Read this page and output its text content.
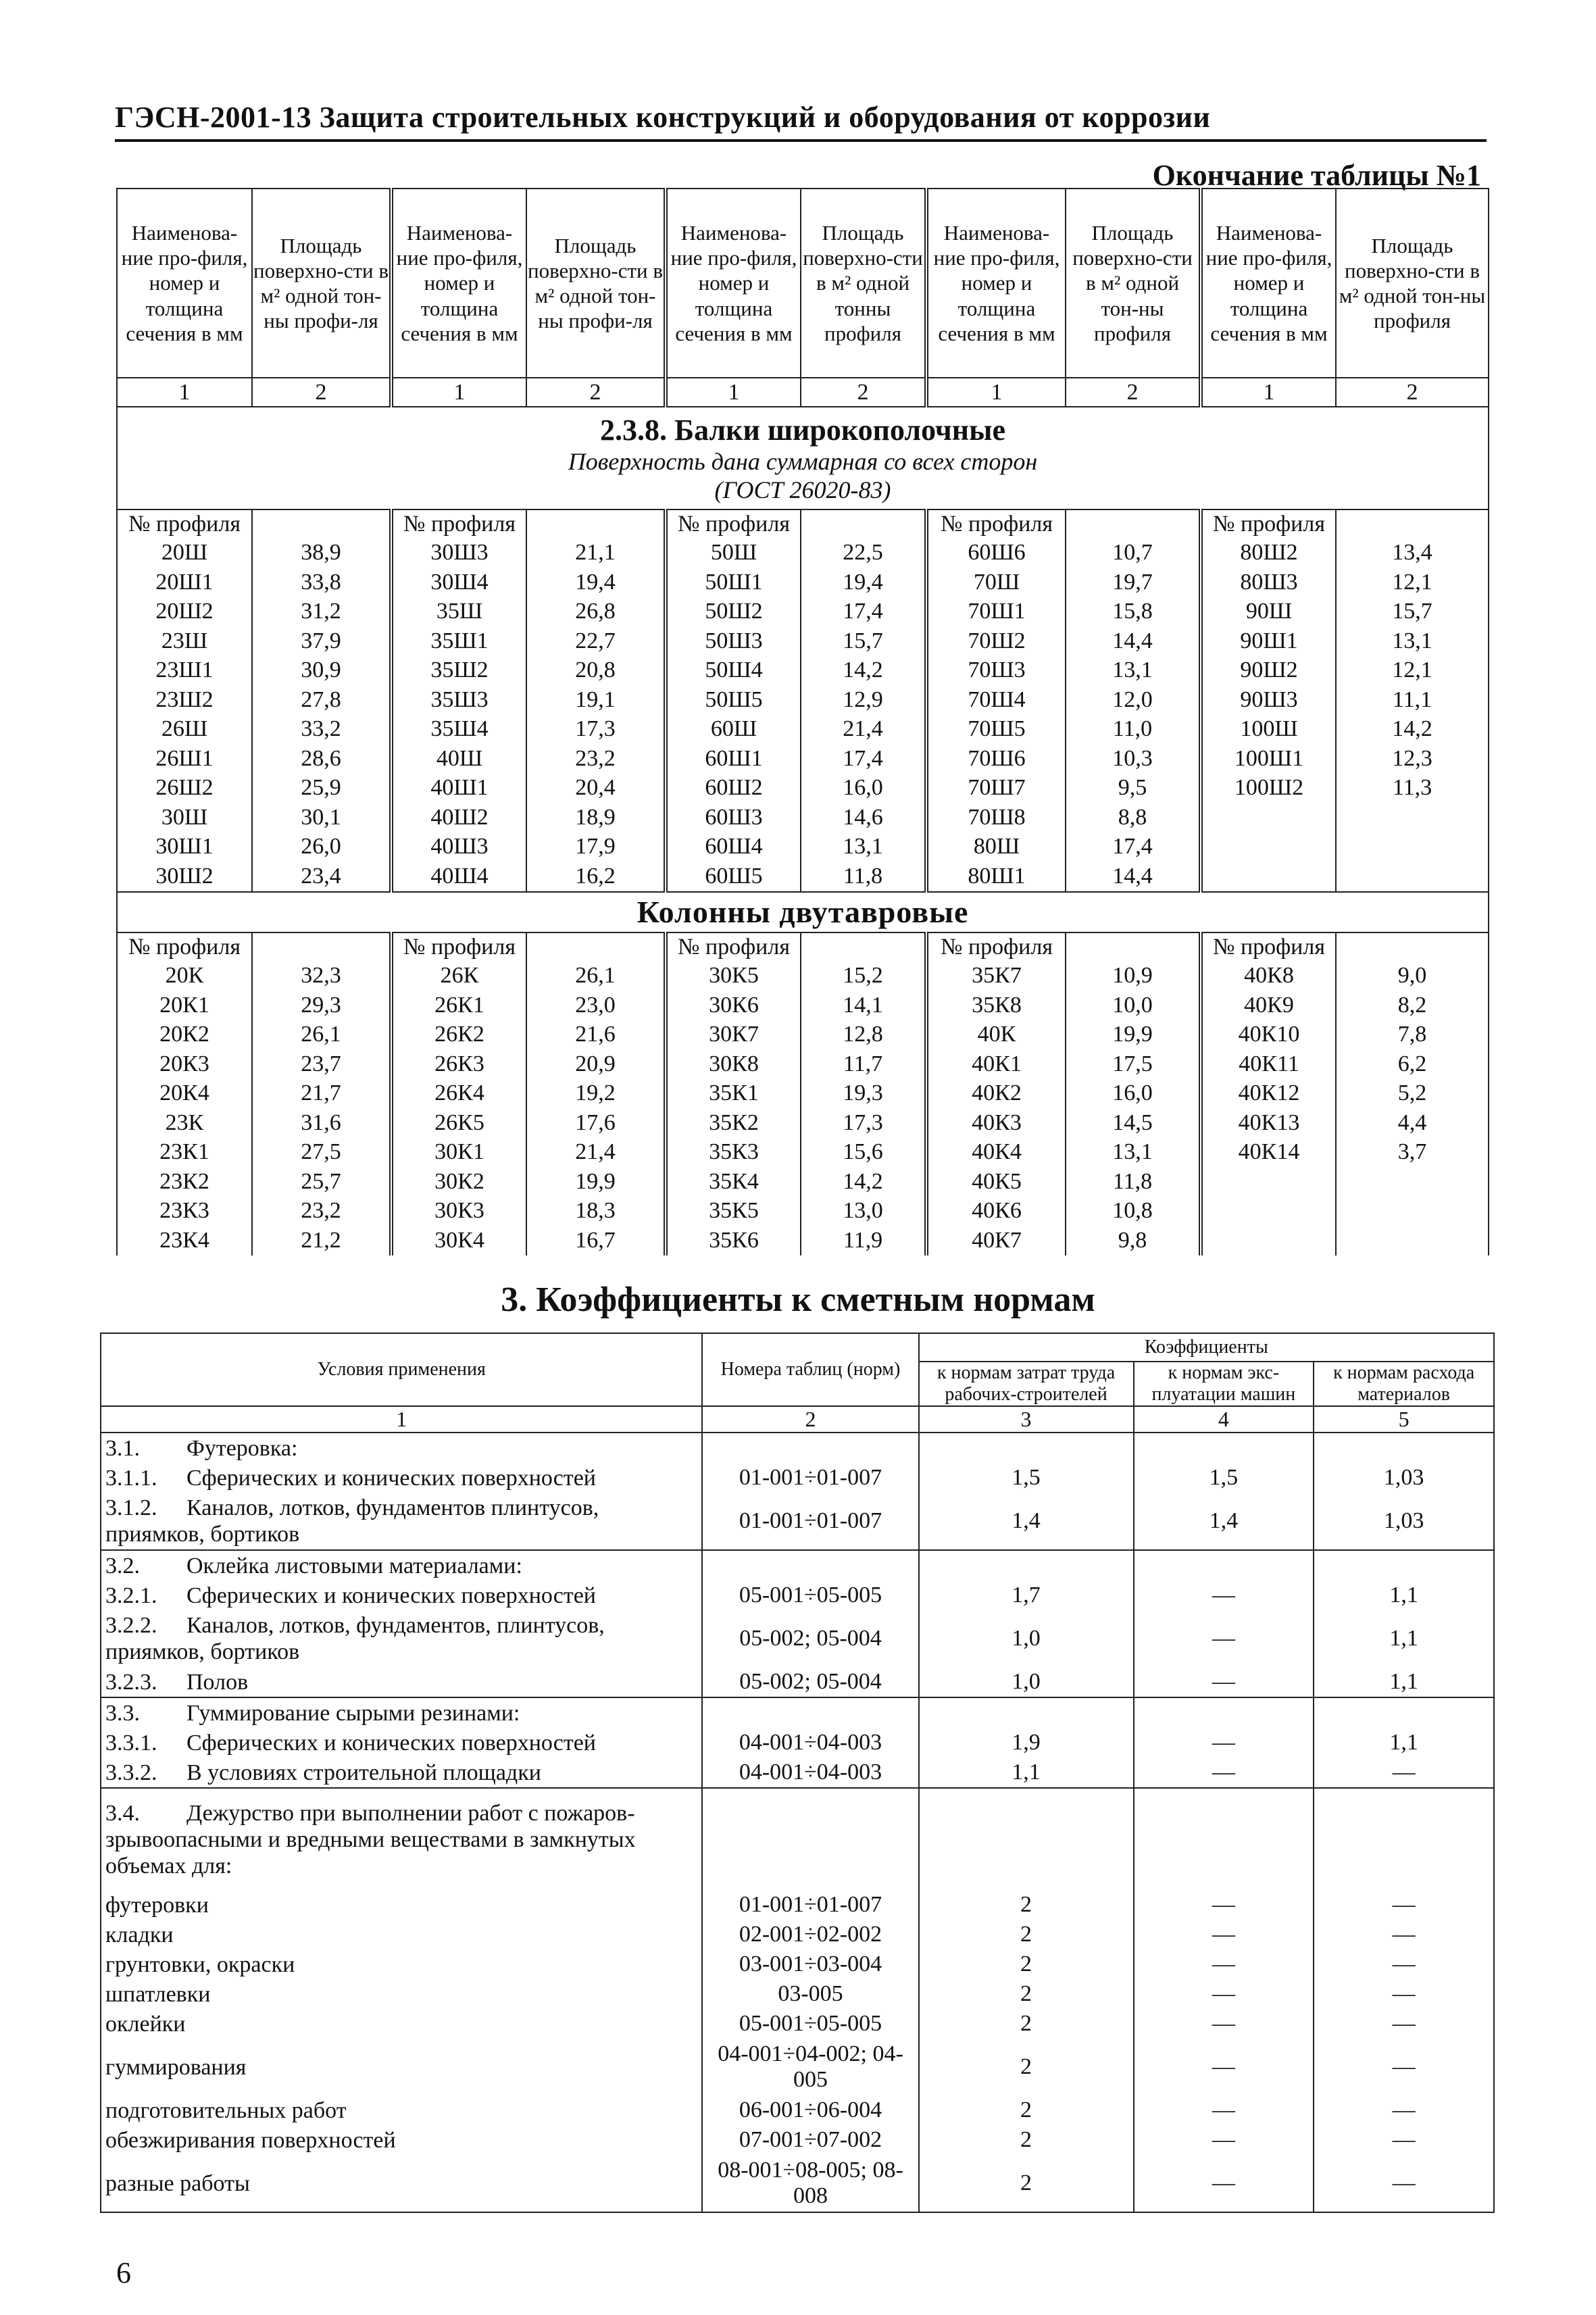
ГЭСН-2001-13 Защита строительных конструкций и оборудования от коррозии
Окончание таблицы №1
Наименова-ние про-филя, номер и толщина сечения в мм	Площадь поверхно-сти в м² одной тон-ны профи-ля	Наименова-ние про-филя, номер и толщина сечения в мм	Площадь поверхно-сти в м² одной тон-ны профи-ля	Наименова-ние про-филя, номер и толщина сечения в мм	Площадь поверхно-сти в м² одной тонны профиля	Наименова-ние про-филя, номер и толщина сечения в мм	Площадь поверхно-сти в м² одной тон-ны профиля	Наименова-ние про-филя, номер и толщина сечения в мм	Площадь поверхно-сти в м² одной тон-ны профиля
1	2	1	2	1	2	1	2	1	2

2.3.8. Балки широкополочные
Поверхность дана суммарная со всех сторон
(ГОСТ 26020-83)									

№ профиля		№ профиля		№ профиля		№ профиля		№ профиля	
20Ш	38,9	30Ш3	21,1	50Ш	22,5	60Ш6	10,7	80Ш2	13,4
20Ш1	33,8	30Ш4	19,4	50Ш1	19,4	70Ш	19,7	80Ш3	12,1
20Ш2	31,2	35Ш	26,8	50Ш2	17,4	70Ш1	15,8	90Ш	15,7
23Ш	37,9	35Ш1	22,7	50Ш3	15,7	70Ш2	14,4	90Ш1	13,1
23Ш1	30,9	35Ш2	20,8	50Ш4	14,2	70Ш3	13,1	90Ш2	12,1
23Ш2	27,8	35Ш3	19,1	50Ш5	12,9	70Ш4	12,0	90Ш3	11,1
26Ш	33,2	35Ш4	17,3	60Ш	21,4	70Ш5	11,0	100Ш	14,2
26Ш1	28,6	40Ш	23,2	60Ш1	17,4	70Ш6	10,3	100Ш1	12,3
26Ш2	25,9	40Ш1	20,4	60Ш2	16,0	70Ш7	9,5	100Ш2	11,3
30Ш	30,1	40Ш2	18,9	60Ш3	14,6	70Ш8	8,8		
30Ш1	26,0	40Ш3	17,9	60Ш4	13,1	80Ш	17,4		
30Ш2	23,4	40Ш4	16,2	60Ш5	11,8	80Ш1	14,4		

Колонны двутавровые									

№ профиля		№ профиля		№ профиля		№ профиля		№ профиля	
20К	32,3	26К	26,1	30К5	15,2	35К7	10,9	40К8	9,0
20К1	29,3	26К1	23,0	30К6	14,1	35К8	10,0	40К9	8,2
20К2	26,1	26К2	21,6	30К7	12,8	40К	19,9	40К10	7,8
20К3	23,7	26К3	20,9	30К8	11,7	40К1	17,5	40К11	6,2
20К4	21,7	26К4	19,2	35К1	19,3	40К2	16,0	40К12	5,2
23К	31,6	26К5	17,6	35К2	17,3	40К3	14,5	40К13	4,4
23К1	27,5	30К1	21,4	35К3	15,6	40К4	13,1	40К14	3,7
23К2	25,7	30К2	19,9	35К4	14,2	40К5	11,8		
23К3	23,2	30К3	18,3	35К5	13,0	40К6	10,8		
23К4	21,2	30К4	16,7	35К6	11,9	40К7	9,8		
3. Коэффициенты к сметным нормам
Условия применения	Номера таблиц (норм)	Коэффициенты		
		к нормам затрат труда рабочих-строителей	к нормам экс-плуатации машин	к нормам расхода материалов
1	2	3	4	5
3.1. Футеровка:				
3.1.1. Сферических и конических поверхностей	01-001÷01-007	1,5	1,5	1,03
3.1.2. Каналов, лотков, фундаментов плинтусов, приямков, бортиков	01-001÷01-007	1,4	1,4	1,03
3.2. Оклейка листовыми материалами:				
3.2.1. Сферических и конических поверхностей	05-001÷05-005	1,7	—	1,1
3.2.2. Каналов, лотков, фундаментов, плинтусов, приямков, бортиков	05-002; 05-004	1,0	—	1,1
3.2.3. Полов	05-002; 05-004	1,0	—	1,1
3.3. Гуммирование сырыми резинами:				
3.3.1. Сферических и конических поверхностей	04-001÷04-003	1,9	—	1,1
3.3.2. В условиях строительной площадки	04-001÷04-003	1,1	—	—
3.4. Дежурство при выполнении работ с пожаров-зрывоопасными и вредными веществами в замкнутых объемах для:				
футеровки	01-001÷01-007	2	—	—
кладки	02-001÷02-002	2	—	—
грунтовки, окраски	03-001÷03-004	2	—	—
шпатлевки	03-005	2	—	—
оклейки	05-001÷05-005	2	—	—
гуммирования	04-001÷04-002; 04-005	2	—	—
подготовительных работ	06-001÷06-004	2	—	—
обезжиривания поверхностей	07-001÷07-002	2	—	—
разные работы	08-001÷08-005; 08-008	2	—	—
6
